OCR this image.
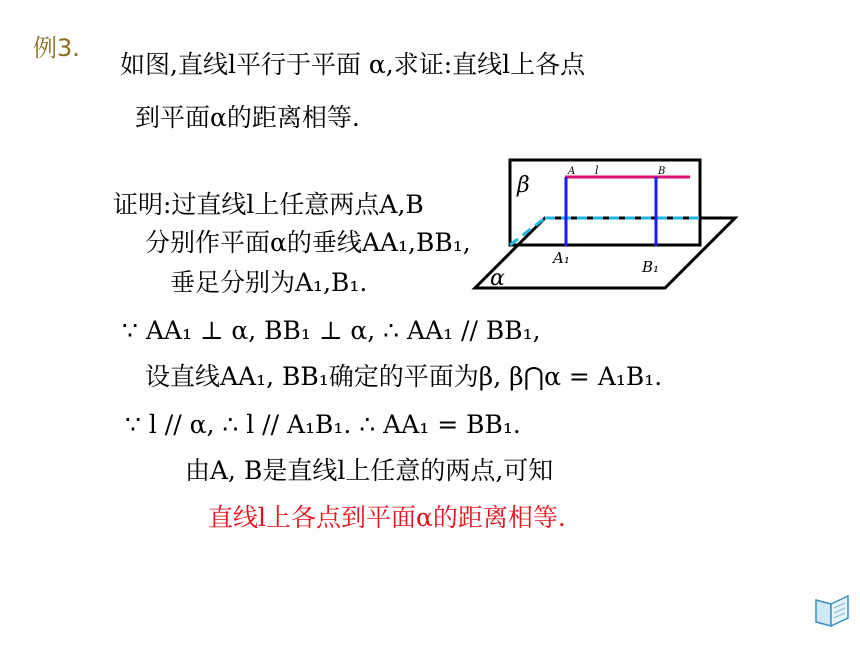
例3.
如图,直线l平行于平面 α,求证:直线l上各点
到平面α的距离相等.
证明:过直线l上任意两点A,B
分别作平面α的垂线AA₁,BB₁,
垂足分别为A₁,B₁.
∵ AA₁ ⊥ α, BB₁ ⊥ α, ∴ AA₁ // BB₁,
设直线AA₁, BB₁确定的平面为β, β⋂α = A₁B₁.
∵ l // α, ∴ l // A₁B₁. ∴ AA₁ = BB₁.
由A, B是直线l上任意的两点,可知
直线l上各点到平面α的距离相等.
β
α
A	B
l
A₁	B₁
